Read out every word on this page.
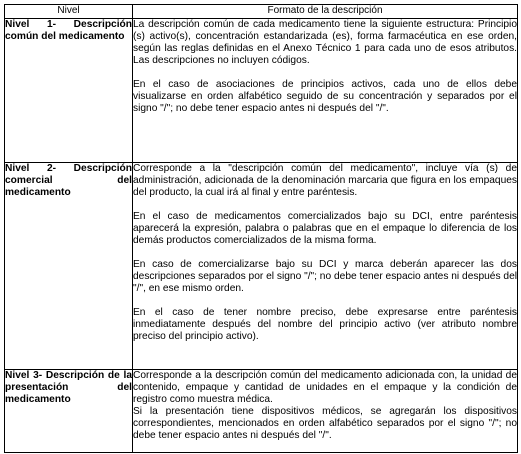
Nivel	Formato de la descripción
Nivel 1- Descripción común del medicamento	La descripción común de cada medicamento tiene la siguiente estructura: Principio (s) activo(s), concentración estandarizada (es), forma farmacéutica en ese orden, según las reglas definidas en el Anexo Técnico 1 para cada uno de esos atributos. Las descripciones no incluyen códigos.

En el caso de asociaciones de principios activos, cada uno de ellos debe visualizarse en orden alfabético seguido de su concentración y separados por el signo "/"; no debe tener espacio antes ni después del "/".

Nivel 2- Descripción comercial del medicamento	Corresponde a la "descripción común del medicamento", incluye vía (s) de administración, adicionada de la denominación marcaria que figura en los empaques del producto, la cual irá al final y entre paréntesis.

En el caso de medicamentos comercializados bajo su DCI, entre paréntesis aparecerá la expresión, palabra o palabras que en el empaque lo diferencia de los demás productos comercializados de la misma forma.

En caso de comercializarse bajo su DCI y marca deberán aparecer las dos descripciones separados por el signo "/"; no debe tener espacio antes ni después del "/", en ese mismo orden.

En el caso de tener nombre preciso, debe expresarse entre paréntesis inmediatamente después del nombre del principio activo (ver atributo nombre preciso del principio activo).

Nivel 3- Descripción de la presentación del medicamento	Corresponde a la descripción común del medicamento adicionada con, la unidad de contenido, empaque y cantidad de unidades en el empaque y la condición de registro como muestra médica.

Si la presentación tiene dispositivos médicos, se agregarán los dispositivos correspondientes, mencionados en orden alfabético separados por el signo "/"; no debe tener espacio antes ni después del "/".
